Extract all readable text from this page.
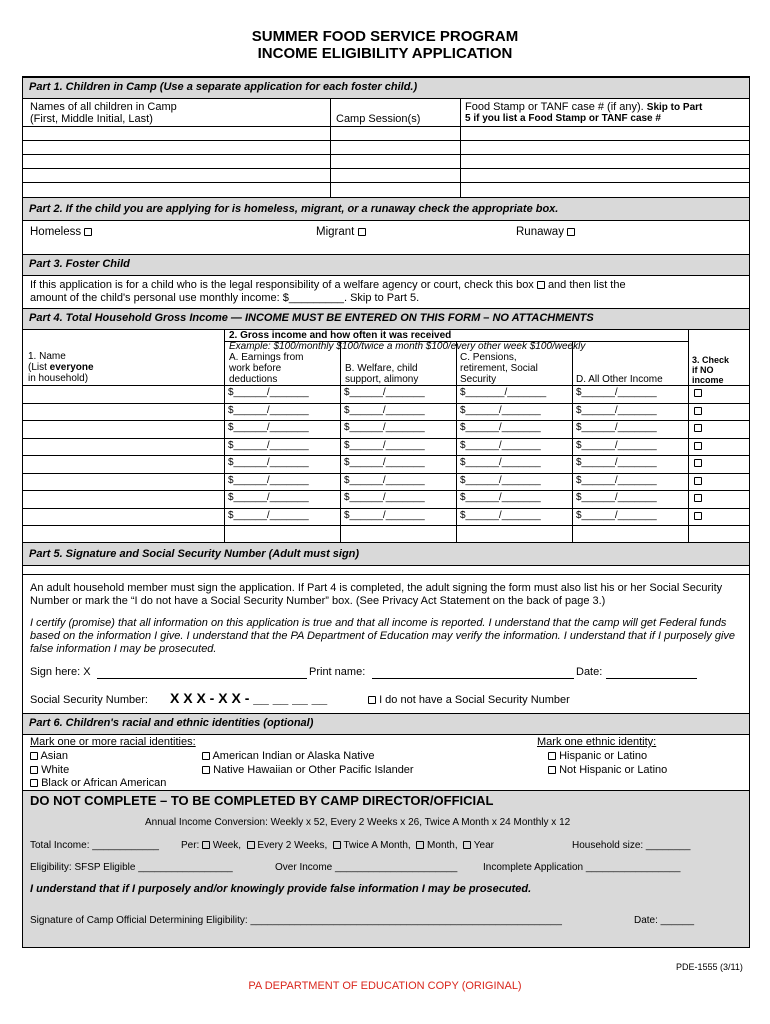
SUMMER FOOD SERVICE PROGRAM
INCOME ELIGIBILITY APPLICATION
Part 1. Children in Camp (Use a separate application for each foster child.)
Names of all children in Camp
(First, Middle Initial, Last)	Camp Session(s)
Food Stamp or TANF case # (if any). Skip to Part
5 if you list a Food Stamp or TANF case #
Part 2. If the child you are applying for is homeless, migrant, or a runaway check the appropriate box.
Homeless	Migrant	Runaway
Part 3. Foster Child
If this application is for a child who is the legal responsibility of a welfare agency or court, check this box and then list the
amount of the child's personal use monthly income: $_________. Skip to Part 5.
Part 4. Total Household Gross Income — INCOME MUST BE ENTERED ON THIS FORM – NO ATTACHMENTS
1. Name
(List everyone
in household)
2. Gross income and how often it was received
Example: $100/monthly $100/twice a month $100/every other week $100/weekly
A. Earnings from
work before
deductions
B. Welfare, child
support, alimony
C. Pensions,
retirement, Social
Security	D. All Other Income
3. Check
if NO
income
$______/_______	$______/_______	$_______/_______	$______/_______
$______/_______	$______/_______	$______/_______	$______/_______
$______/_______	$______/_______	$______/_______	$______/_______
$______/_______	$______/_______	$______/_______	$______/_______
$______/_______	$______/_______	$______/_______	$______/_______
$______/_______	$______/_______	$______/_______	$______/_______
$______/_______	$______/_______	$______/_______	$______/_______
$______/_______	$______/_______	$______/_______	$______/_______
Part 5. Signature and Social Security Number (Adult must sign)
An adult household member must sign the application. If Part 4 is completed, the adult signing the form must also list his or her Social Security Number or mark the “I do not have a Social Security Number” box. (See Privacy Act Statement on the back of page 3.)
I certify (promise) that all information on this application is true and that all income is reported. I understand that the camp will get Federal funds based on the information I give. I understand that the PA Department of Education may verify the information. I understand that if I purposely give false information I may be prosecuted.
Sign here: X	Print name:	Date:
Social Security Number: X X X - X X - __ __ __ __	I do not have a Social Security Number
Part 6. Children's racial and ethnic identities (optional)
Mark one or more racial identities:
Asian
White
Black or African American
American Indian or Alaska Native
Native Hawaiian or Other Pacific Islander
Mark one ethnic identity:
Hispanic or Latino
Not Hispanic or Latino
DO NOT COMPLETE – TO BE COMPLETED BY CAMP DIRECTOR/OFFICIAL
Annual Income Conversion: Weekly x 52, Every 2 Weeks x 26, Twice A Month x 24 Monthly x 12
Total Income: ____________ Per: Week, Every 2 Weeks, Twice A Month, Month, Year	Household size: ________
Eligibility: SFSP Eligible _________________	Over Income ______________________	Incomplete Application _________________
I understand that if I purposely and/or knowingly provide false information I may be prosecuted.
Signature of Camp Official Determining Eligibility: ________________________________________________________	Date: ______
PDE-1555 (3/11)
PA DEPARTMENT OF EDUCATION COPY (ORIGINAL)
